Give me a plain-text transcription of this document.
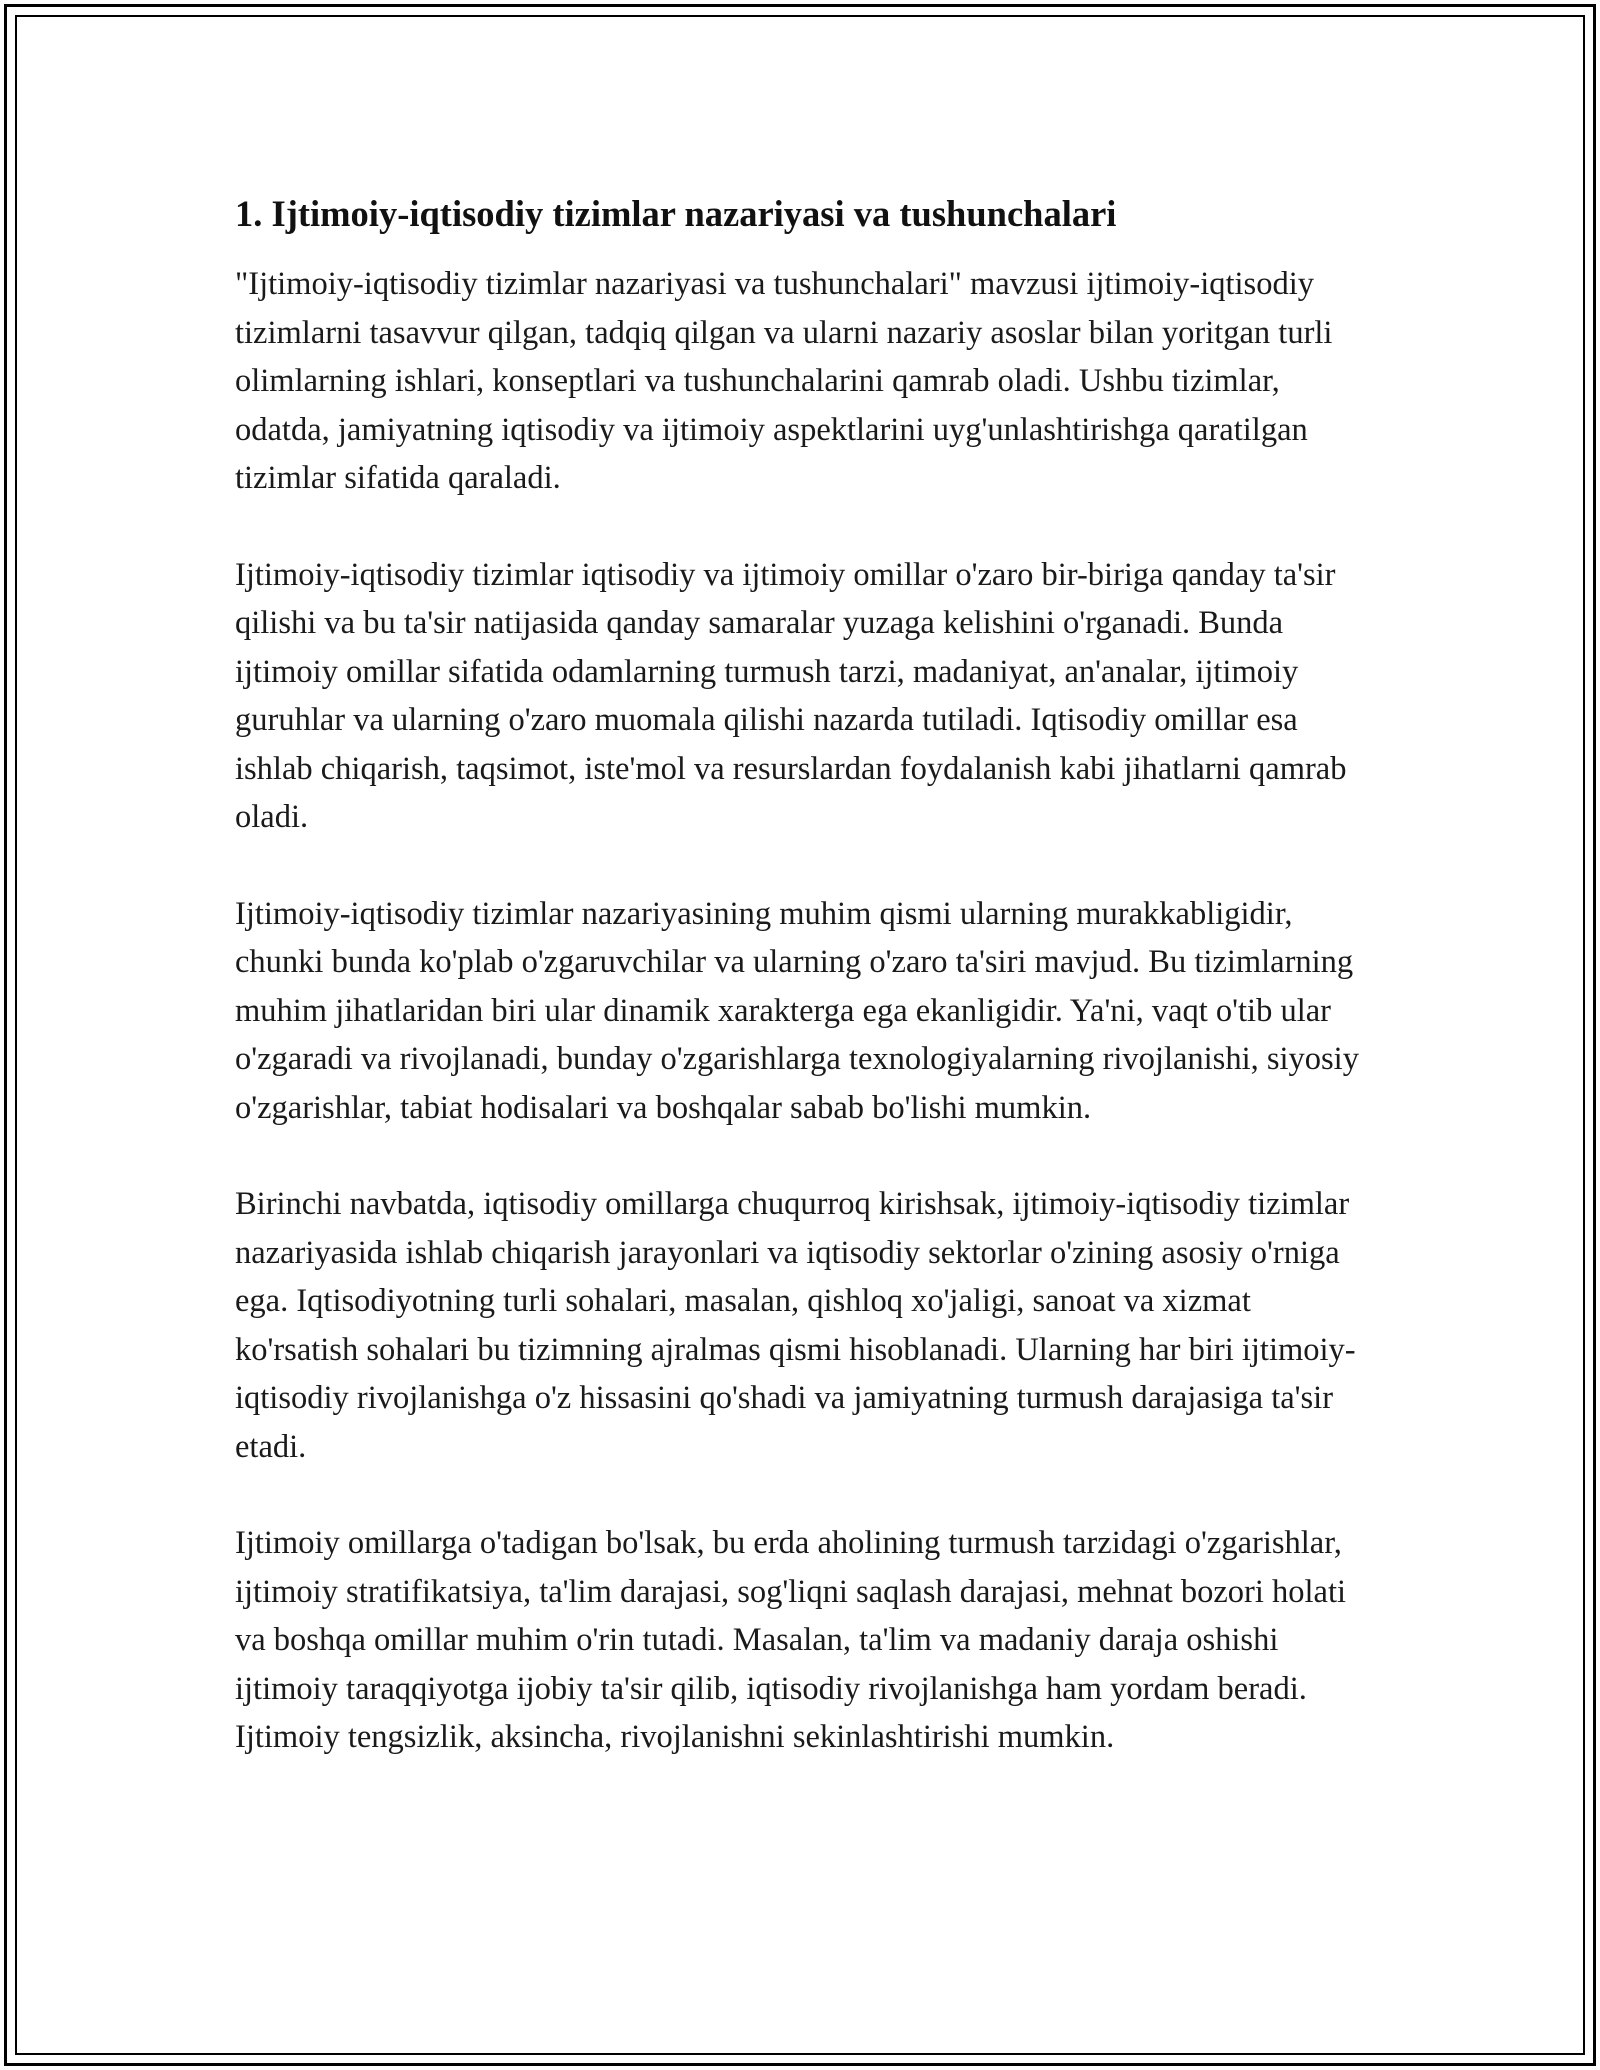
1. Ijtimoiy-iqtisodiy tizimlar nazariyasi va tushunchalari

"Ijtimoiy-iqtisodiy tizimlar nazariyasi va tushunchalari" mavzusi ijtimoiy-iqtisodiy tizimlarni tasavvur qilgan, tadqiq qilgan va ularni nazariy asoslar bilan yoritgan turli olimlarning ishlari, konseptlari va tushunchalarini qamrab oladi. Ushbu tizimlar, odatda, jamiyatning iqtisodiy va ijtimoiy aspektlarini uyg'unlashtirishga qaratilgan tizimlar sifatida qaraladi.

Ijtimoiy-iqtisodiy tizimlar iqtisodiy va ijtimoiy omillar o'zaro bir-biriga qanday ta'sir qilishi va bu ta'sir natijasida qanday samaralar yuzaga kelishini o'rganadi. Bunda ijtimoiy omillar sifatida odamlarning turmush tarzi, madaniyat, an'analar, ijtimoiy guruhlar va ularning o'zaro muomala qilishi nazarda tutiladi. Iqtisodiy omillar esa ishlab chiqarish, taqsimot, iste'mol va resurslardan foydalanish kabi jihatlarni qamrab oladi.

Ijtimoiy-iqtisodiy tizimlar nazariyasining muhim qismi ularning murakkabligidir, chunki bunda ko'plab o'zgaruvchilar va ularning o'zaro ta'siri mavjud. Bu tizimlarning muhim jihatlaridan biri ular dinamik xarakterga ega ekanligidir. Ya'ni, vaqt o'tib ular o'zgaradi va rivojlanadi, bunday o'zgarishlarga texnologiyalarning rivojlanishi, siyosiy o'zgarishlar, tabiat hodisalari va boshqalar sabab bo'lishi mumkin.

Birinchi navbatda, iqtisodiy omillarga chuqurroq kirishsak, ijtimoiy-iqtisodiy tizimlar nazariyasida ishlab chiqarish jarayonlari va iqtisodiy sektorlar o'zining asosiy o'rniga ega. Iqtisodiyotning turli sohalari, masalan, qishloq xo'jaligi, sanoat va xizmat ko'rsatish sohalari bu tizimning ajralmas qismi hisoblanadi. Ularning har biri ijtimoiy-iqtisodiy rivojlanishga o'z hissasini qo'shadi va jamiyatning turmush darajasiga ta'sir etadi.

Ijtimoiy omillarga o'tadigan bo'lsak, bu erda aholining turmush tarzidagi o'zgarishlar, ijtimoiy stratifikatsiya, ta'lim darajasi, sog'liqni saqlash darajasi, mehnat bozori holati va boshqa omillar muhim o'rin tutadi. Masalan, ta'lim va madaniy daraja oshishi ijtimoiy taraqqiyotga ijobiy ta'sir qilib, iqtisodiy rivojlanishga ham yordam beradi. Ijtimoiy tengsizlik, aksincha, rivojlanishni sekinlashtirishi mumkin.
